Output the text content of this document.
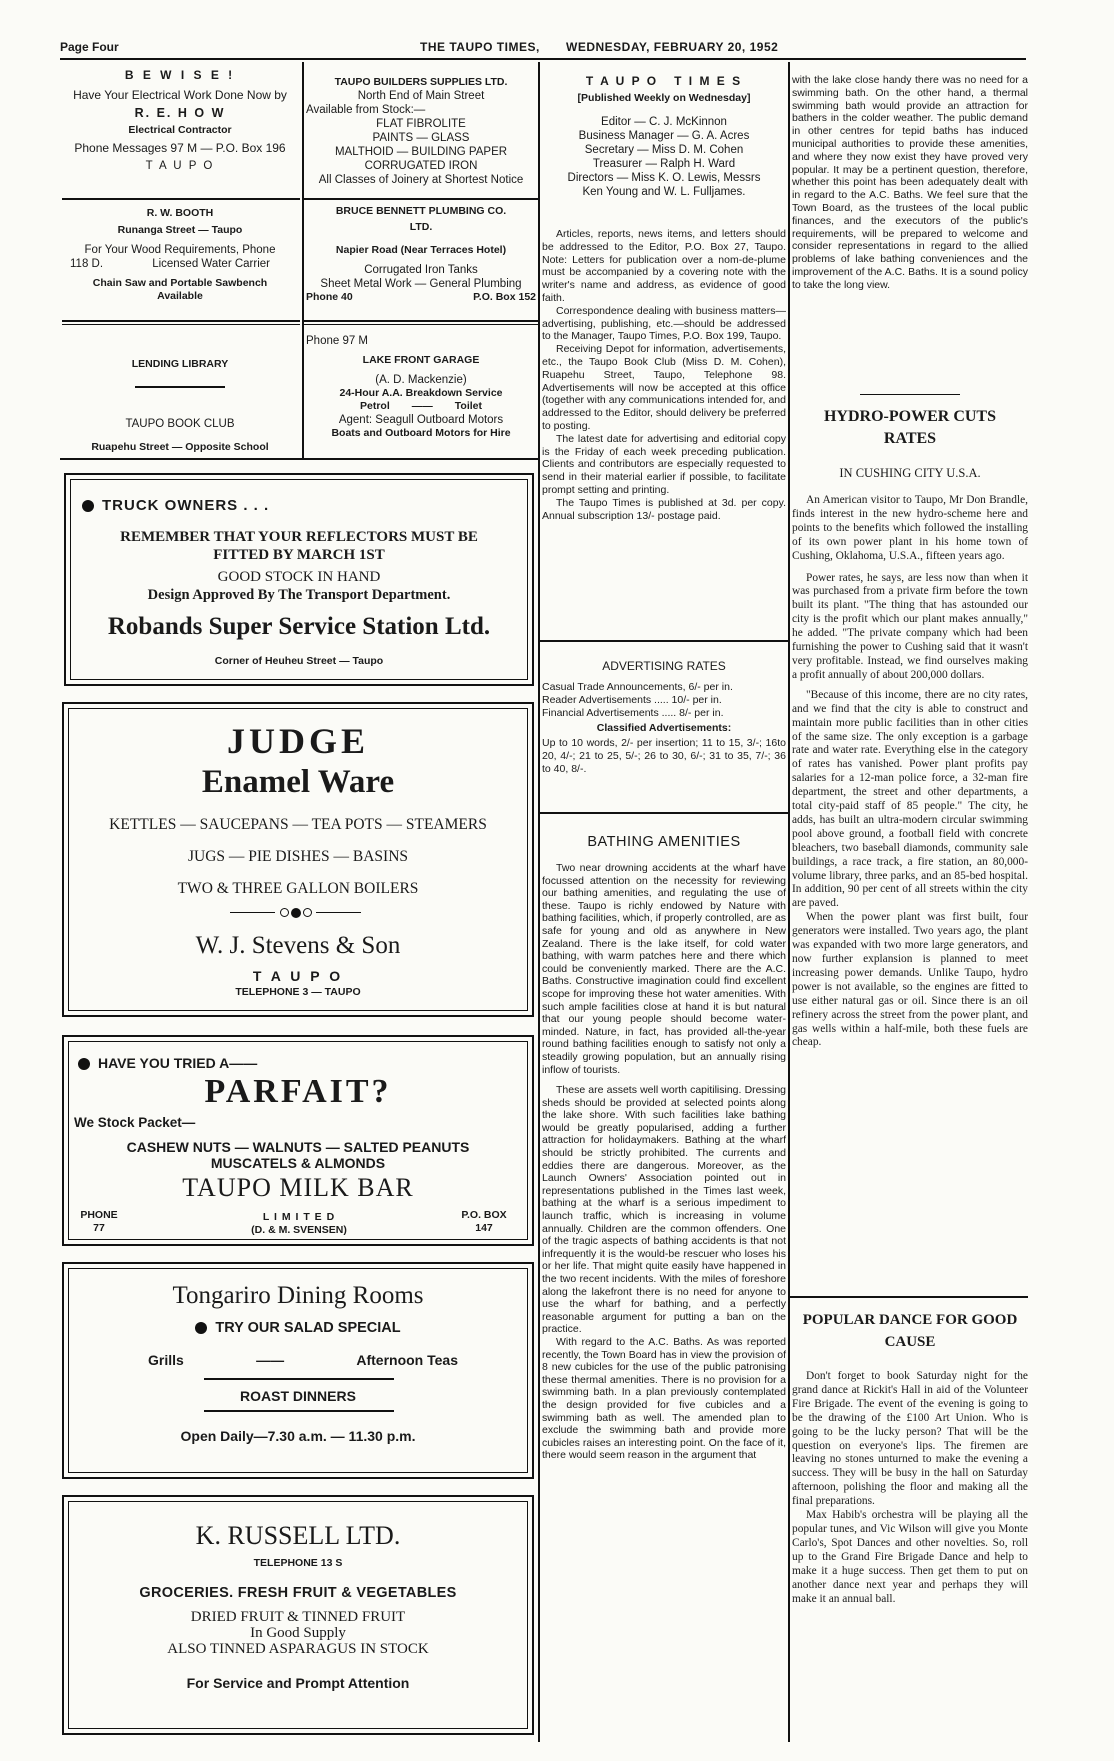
Page Four	THE TAUPO TIMES, WEDNESDAY, FEBRUARY 20, 1952
B E W I S E !
Have Your Electrical Work Done Now by
R. E. H O W
Electrical Contractor
Phone Messages 97 M — P.O. Box 196
T A U P O
R. W. BOOTH
Runanga Street — Taupo
For Your Wood Requirements, Phone
118 D.	Licensed Water Carrier
Chain Saw and Portable Sawbench
Available
LENDING LIBRARY
TAUPO BOOK CLUB
Ruapehu Street — Opposite School
TAUPO BUILDERS SUPPLIES LTD.
North End of Main Street
Available from Stock:—
FLAT FIBROLITE
PAINTS — GLASS
MALTHOID — BUILDING PAPER
CORRUGATED IRON
All Classes of Joinery at Shortest Notice
BRUCE BENNETT PLUMBING CO.
LTD.
Napier Road (Near Terraces Hotel)
Corrugated Iron Tanks
Sheet Metal Work — General Plumbing
Phone 40	P.O. Box 152
Phone 97 M
LAKE FRONT GARAGE
(A. D. Mackenzie)
24-Hour A.A. Breakdown Service
Petrol —— Toilet
Agent: Seagull Outboard Motors
Boats and Outboard Motors for Hire
TRUCK OWNERS . . .
REMEMBER THAT YOUR REFLECTORS MUST BE
FITTED BY MARCH 1ST
GOOD STOCK IN HAND
Design Approved By The Transport Department.
Robands Super Service Station Ltd.
Corner of Heuheu Street — Taupo
JUDGE
Enamel Ware
KETTLES — SAUCEPANS — TEA POTS — STEAMERS
JUGS — PIE DISHES — BASINS
TWO & THREE GALLON BOILERS
W. J. Stevens & Son
T A U P O
TELEPHONE 3 — TAUPO
HAVE YOU TRIED A——
PARFAIT?
We Stock Packet—
CASHEW NUTS — WALNUTS — SALTED PEANUTS
MUSCATELS & ALMONDS
TAUPO MILK BAR
PHONE
77
L I M I T E D
(D. & M. SVENSEN)
P.O. BOX
147
Tongariro Dining Rooms
TRY OUR SALAD SPECIAL
Grills	——	Afternoon Teas
ROAST DINNERS
Open Daily—7.30 a.m. — 11.30 p.m.
K. RUSSELL LTD.
TELEPHONE 13 S
GROCERIES. FRESH FRUIT & VEGETABLES
DRIED FRUIT & TINNED FRUIT
In Good Supply
ALSO TINNED ASPARAGUS IN STOCK
For Service and Prompt Attention
T A U P O   T I M E S
[Published Weekly on Wednesday]
Editor — C. J. McKinnon
Business Manager — G. A. Acres
Secretary — Miss D. M. Cohen
Treasurer — Ralph H. Ward
Directors — Miss K. O. Lewis, Messrs
Ken Young and W. L. Fulljames.

Articles, reports, news items, and letters should be addressed to the Editor, P.O. Box 27, Taupo. Note: Letters for publication over a nom-de-plume must be accompanied by a covering note with the writer's name and address, as evidence of good faith.

Correspondence dealing with business matters—advertising, publishing, etc.—should be addressed to the Manager, Taupo Times, P.O. Box 199, Taupo.

Receiving Depot for information, advertisements, etc., the Taupo Book Club (Miss D. M. Cohen), Ruapehu Street, Taupo, Telephone 98. Advertisements will now be accepted at this office (together with any communications intended for, and addressed to the Editor, should delivery be preferred to posting.

The latest date for advertising and editorial copy is the Friday of each week preceding publication. Clients and contributors are especially requested to send in their material earlier if possible, to facilitate prompt setting and printing.

The Taupo Times is published at 3d. per copy. Annual subscription 13/- postage paid.

ADVERTISING RATES
Casual Trade Announcements, 6/- per in.
Reader Advertisements ..... 10/- per in.
Financial Advertisements ..... 8/- per in.
Classified Advertisements:
Up to 10 words, 2/- per insertion; 11 to 15, 3/-; 16to 20, 4/-; 21 to 25, 5/-; 26 to 30, 6/-; 31 to 35, 7/-; 36 to 40, 8/-.
BATHING AMENITIES

Two near drowning accidents at the wharf have focussed attention on the necessity for reviewing our bathing amenities, and regulating the use of these. Taupo is richly endowed by Nature with bathing facilities, which, if properly controlled, are as safe for young and old as anywhere in New Zealand. There is the lake itself, for cold water bathing, with warm patches here and there which could be conveniently marked. There are the A.C. Baths. Constructive imagination could find excellent scope for improving these hot water amenities. With such ample facilities close at hand it is but natural that our young people should become water-minded. Nature, in fact, has provided all-the-year round bathing facilities enough to satisfy not only a steadily growing population, but an annually rising inflow of tourists.

These are assets well worth capitilising. Dressing sheds should be provided at selected points along the lake shore. With such facilities lake bathing would be greatly popularised, adding a further attraction for holidaymakers. Bathing at the wharf should be strictly prohibited. The currents and eddies there are dangerous. Moreover, as the Launch Owners' Association pointed out in representations published in the Times last week, bathing at the wharf is a serious impediment to launch traffic, which is increasing in volume annually. Children are the common offenders. One of the tragic aspects of bathing accidents is that not infrequently it is the would-be rescuer who loses his or her life. That might quite easily have happened in the two recent incidents. With the miles of foreshore along the lakefront there is no need for anyone to use the wharf for bathing, and a perfectly reasonable argument for putting a ban on the practice.

With regard to the A.C. Baths. As was reported recently, the Town Board has in view the provision of 8 new cubicles for the use of the public patronising these thermal amenities. There is no provision for a swimming bath. In a plan previously contemplated the design provided for five cubicles and a swimming bath as well. The amended plan to exclude the swimming bath and provide more cubicles raises an interesting point. On the face of it, there would seem reason in the argument that

with the lake close handy there was no need for a swimming bath. On the other hand, a thermal swimming bath would provide an attraction for bathers in the colder weather. The public demand in other centres for tepid baths has induced municipal authorities to provide these amenities, and where they now exist they have proved very popular. It may be a pertinent question, therefore, whether this point has been adequately dealt with in regard to the A.C. Baths. We feel sure that the Town Board, as the trustees of the local public finances, and the executors of the public's requirements, will be prepared to welcome and consider representations in regard to the allied problems of lake bathing conveniences and the improvement of the A.C. Baths. It is a sound policy to take the long view.
HYDRO-POWER CUTS
RATES
IN CUSHING CITY U.S.A.

An American visitor to Taupo, Mr Don Brandle, finds interest in the new hydro-scheme here and points to the benefits which followed the installing of its own power plant in his home town of Cushing, Oklahoma, U.S.A., fifteen years ago.

Power rates, he says, are less now than when it was purchased from a private firm before the town built its plant. "The thing that has astounded our city is the profit which our plant makes annually," he added. "The private company which had been furnishing the power to Cushing said that it wasn't very profitable. Instead, we find ourselves making a profit annually of about 200,000 dollars.

"Because of this income, there are no city rates, and we find that the city is able to construct and maintain more public facilities than in other cities of the same size. The only exception is a garbage rate and water rate. Everything else in the category of rates has vanished. Power plant profits pay salaries for a 12-man police force, a 32-man fire department, the street and other departments, a total city-paid staff of 85 people." The city, he adds, has built an ultra-modern circular swimming pool above ground, a football field with concrete bleachers, two baseball diamonds, community sale buildings, a race track, a fire station, an 80,000-volume library, three parks, and an 85-bed hospital. In addition, 90 per cent of all streets within the city are paved.

When the power plant was first built, four generators were installed. Two years ago, the plant was expanded with two more large generators, and now further explansion is planned to meet increasing power demands. Unlike Taupo, hydro power is not available, so the engines are fitted to use either natural gas or oil. Since there is an oil refinery across the street from the power plant, and gas wells within a half-mile, both these fuels are cheap.

POPULAR DANCE FOR GOOD
CAUSE

Don't forget to book Saturday night for the grand dance at Rickit's Hall in aid of the Volunteer Fire Brigade. The event of the evening is going to be the drawing of the £100 Art Union. Who is going to be the lucky person? That will be the question on everyone's lips. The firemen are leaving no stones unturned to make the evening a success. They will be busy in the hall on Saturday afternoon, polishing the floor and making all the final preparations.

Max Habib's orchestra will be playing all the popular tunes, and Vic Wilson will give you Monte Carlo's, Spot Dances and other novelties. So, roll up to the Grand Fire Brigade Dance and help to make it a huge success. Then get them to put on another dance next year and perhaps they will make it an annual ball.
